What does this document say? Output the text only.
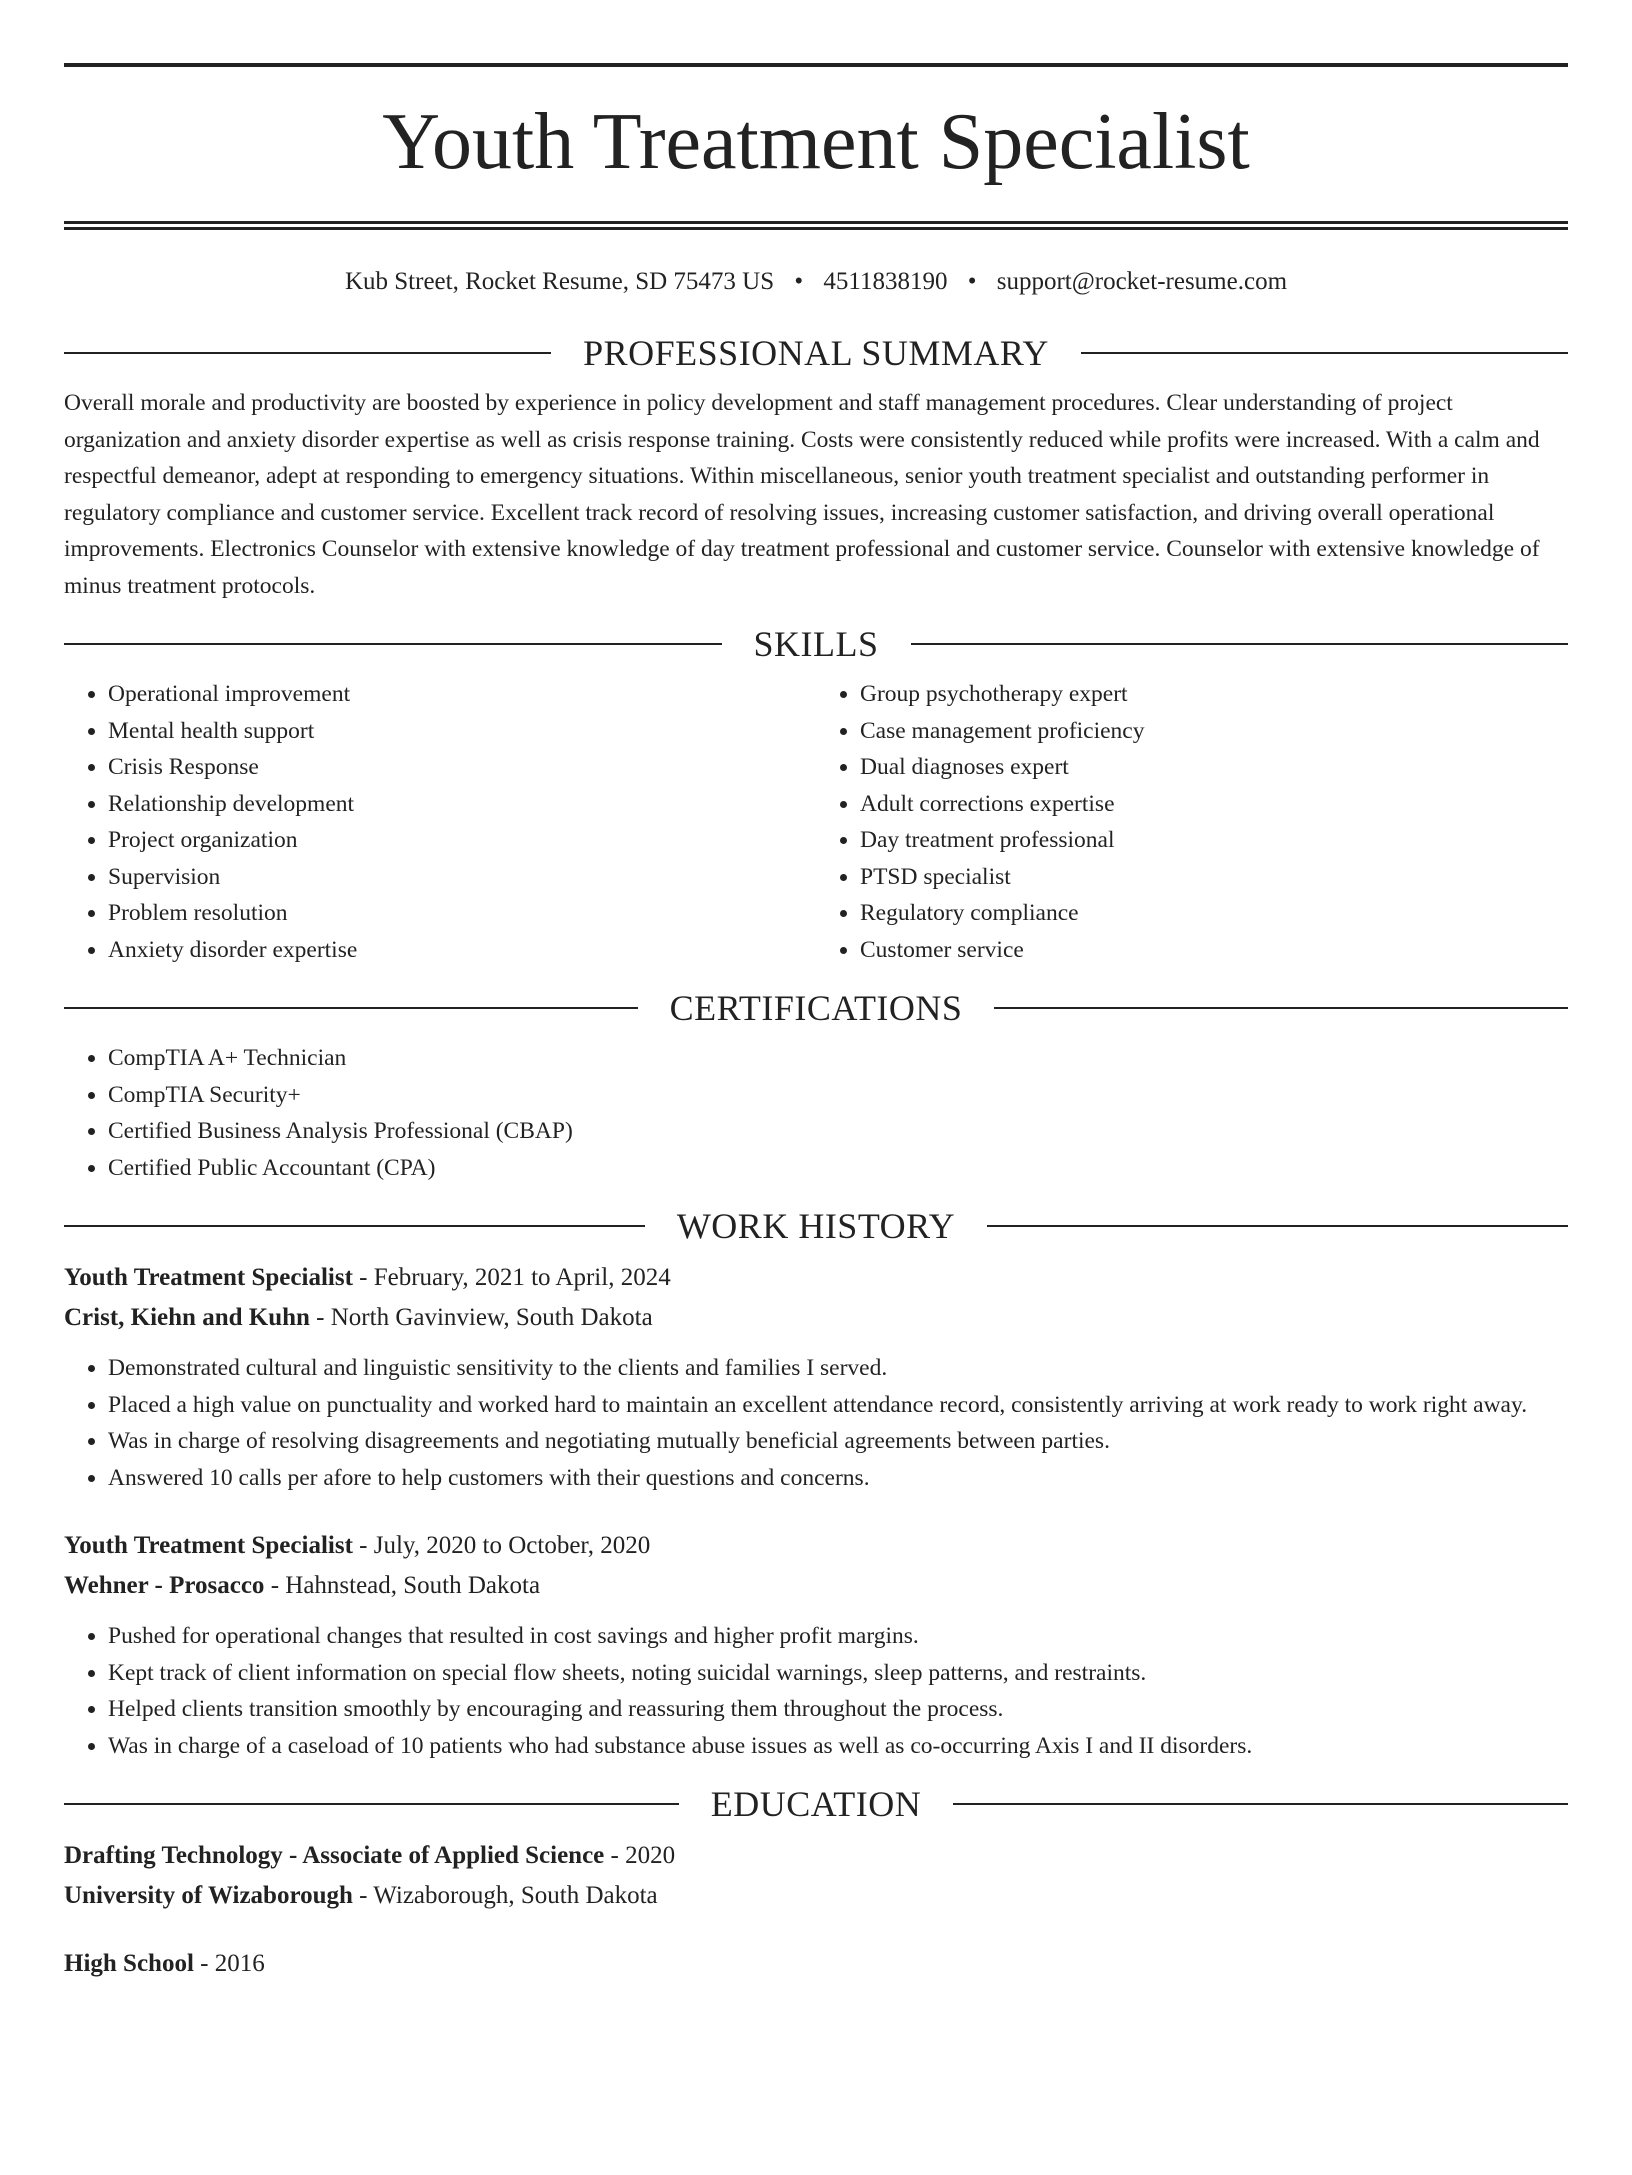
Youth Treatment Specialist
Kub Street, Rocket Resume, SD 75473 US • 4511838190 • support@rocket-resume.com
PROFESSIONAL SUMMARY

Overall morale and productivity are boosted by experience in policy development and staff management procedures. Clear understanding of project organization and anxiety disorder expertise as well as crisis response training. Costs were consistently reduced while profits were increased. With a calm and respectful demeanor, adept at responding to emergency situations. Within miscellaneous, senior youth treatment specialist and outstanding performer in regulatory compliance and customer service. Excellent track record of resolving issues, increasing customer satisfaction, and driving overall operational improvements. Electronics Counselor with extensive knowledge of day treatment professional and customer service. Counselor with extensive knowledge of minus treatment protocols.

SKILLS
• Operational improvement
• Mental health support
• Crisis Response
• Relationship development
• Project organization
• Supervision
• Problem resolution
• Anxiety disorder expertise
• Group psychotherapy expert
• Case management proficiency
• Dual diagnoses expert
• Adult corrections expertise
• Day treatment professional
• PTSD specialist
• Regulatory compliance
• Customer service
CERTIFICATIONS
• CompTIA A+ Technician
• CompTIA Security+
• Certified Business Analysis Professional (CBAP)
• Certified Public Accountant (CPA)
WORK HISTORY
Youth Treatment Specialist - February, 2021 to April, 2024
Crist, Kiehn and Kuhn - North Gavinview, South Dakota
• Demonstrated cultural and linguistic sensitivity to the clients and families I served.
• Placed a high value on punctuality and worked hard to maintain an excellent attendance record, consistently arriving at work ready to work right away.
• Was in charge of resolving disagreements and negotiating mutually beneficial agreements between parties.
• Answered 10 calls per afore to help customers with their questions and concerns.
Youth Treatment Specialist - July, 2020 to October, 2020
Wehner - Prosacco - Hahnstead, South Dakota
• Pushed for operational changes that resulted in cost savings and higher profit margins.
• Kept track of client information on special flow sheets, noting suicidal warnings, sleep patterns, and restraints.
• Helped clients transition smoothly by encouraging and reassuring them throughout the process.
• Was in charge of a caseload of 10 patients who had substance abuse issues as well as co-occurring Axis I and II disorders.
EDUCATION
Drafting Technology - Associate of Applied Science - 2020
University of Wizaborough - Wizaborough, South Dakota
High School - 2016
